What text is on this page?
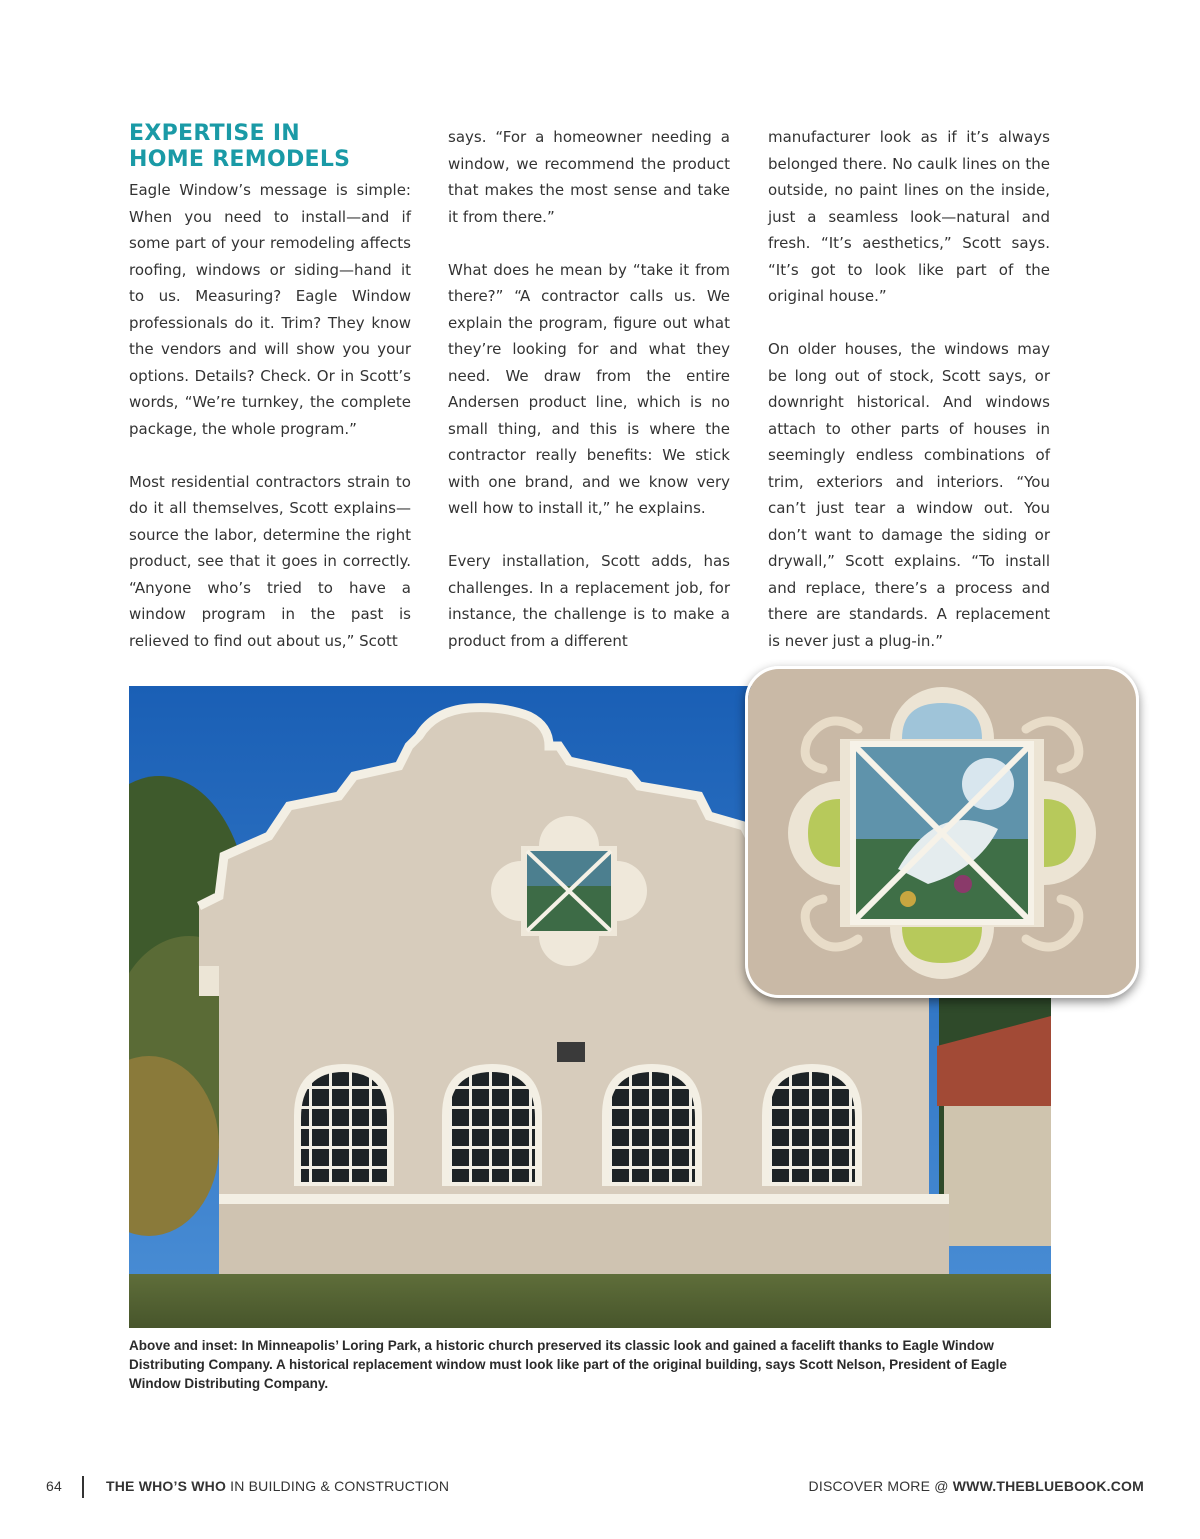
EXPERTISE IN
HOME REMODELS

Eagle Window’s message is simple: When you need to install—and if some part of your remodeling affects roofing, windows or siding—hand it to us. Measuring? Eagle Window professionals do it. Trim? They know the vendors and will show you your options. Details? Check. Or in Scott’s words, “We’re turnkey, the complete package, the whole program.”

Most residential contractors strain to do it all themselves, Scott explains—source the labor, determine the right product, see that it goes in correctly. “Anyone who’s tried to have a window program in the past is relieved to find out about us,” Scott

says. “For a homeowner needing a window, we recommend the product that makes the most sense and take it from there.”

What does he mean by “take it from there?” “A contractor calls us. We explain the program, figure out what they’re looking for and what they need. We draw from the entire Andersen product line, which is no small thing, and this is where the contractor really benefits: We stick with one brand, and we know very well how to install it,” he explains.

Every installation, Scott adds, has challenges. In a replacement job, for instance, the challenge is to make a product from a different

manufacturer look as if it’s always belonged there. No caulk lines on the outside, no paint lines on the inside, just a seamless look—natural and fresh. “It’s aesthetics,” Scott says. “It’s got to look like part of the original house.”

On older houses, the windows may be long out of stock, Scott says, or downright historical. And windows attach to other parts of houses in seemingly endless combinations of trim, exteriors and interiors. “You can’t just tear a window out. You don’t want to damage the siding or drywall,” Scott explains. “To install and replace, there’s a process and there are standards. A replacement is never just a plug-in.”

Above and inset: In Minneapolis’ Loring Park, a historic church preserved its classic look and gained a facelift thanks to Eagle Window Distributing Company. A historical replacement window must look like part of the original building, says Scott Nelson, President of Eagle Window Distributing Company.
64	THE WHO’S WHO IN BUILDING & CONSTRUCTION	DISCOVER MORE @ WWW.THEBLUEBOOK.COM
